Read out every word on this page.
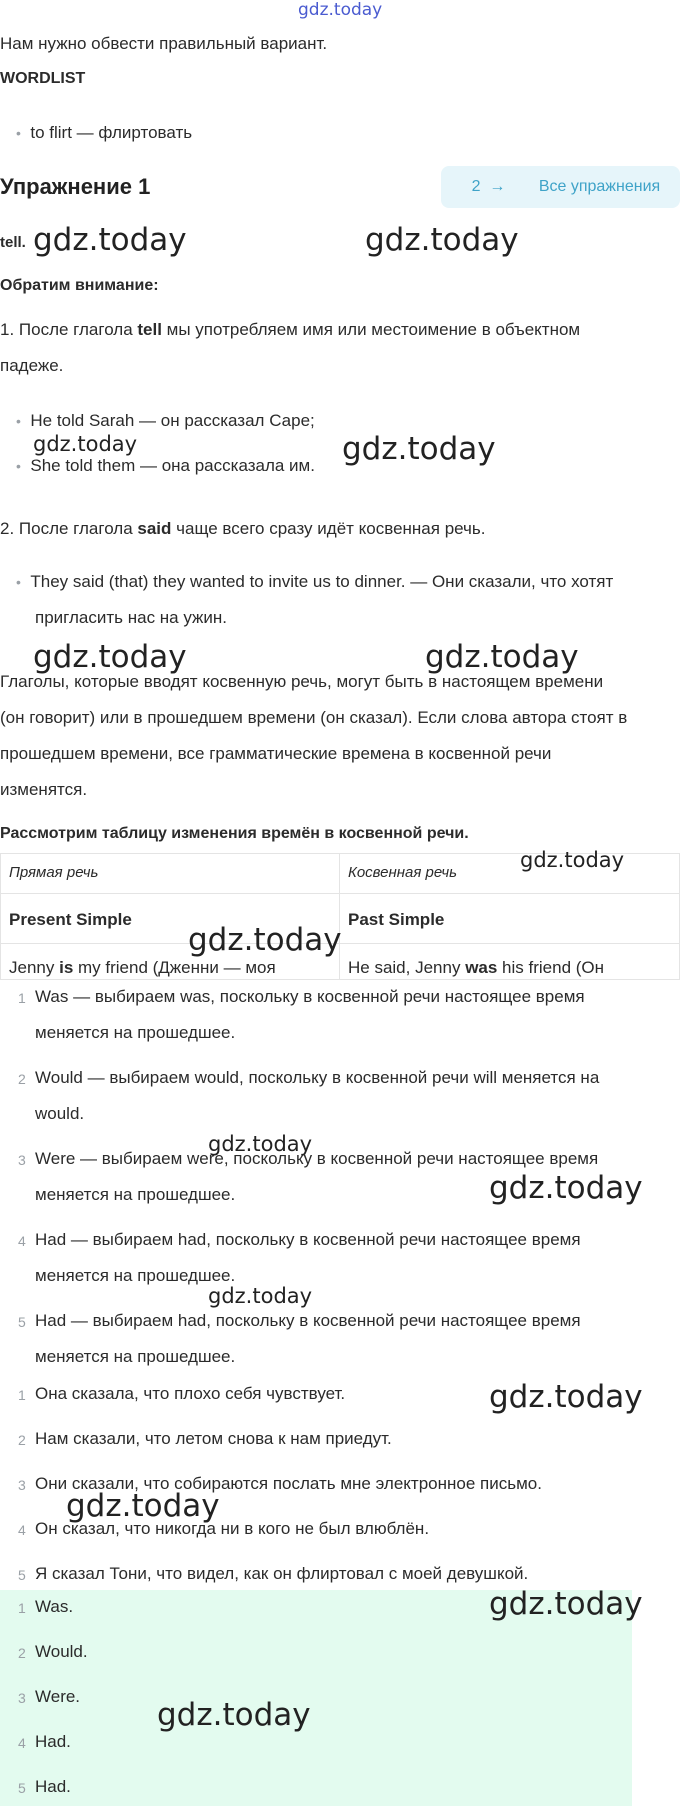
gdz.today
Нам нужно обвести правильный вариант.
WORDLIST
• to flirt — флиртовать
Упражнение 1	2
→ Все упражнения
tell.
Обратим внимание:
1. После глагола tell мы употребляем имя или местоимение в объектном
падеже.
• He told Sarah — он рассказал Саре;
• She told them — она рассказала им.
2. После глагола said чаще всего сразу идёт косвенная речь.
• They said (that) they wanted to invite us to dinner. — Они сказали, что хотят
пригласить нас на ужин.
Глаголы, которые вводят косвенную речь, могут быть в настоящем времени
(он говорит) или в прошедшем времени (он сказал). Если слова автора стоят в
прошедшем времени, все грамматические времена в косвенной речи
изменятся.
Рассмотрим таблицу изменения времён в косвенной речи.
Прямая речь	Косвенная речь
Present Simple	Past Simple
Jenny is my friend (Дженни — моя	He said, Jenny was his friend (Он
1 Was — выбираем was, поскольку в косвенной речи настоящее время
меняется на прошедшее.
2 Would — выбираем would, поскольку в косвенной речи will меняется на
would.
3 Were — выбираем were, поскольку в косвенной речи настоящее время
меняется на прошедшее.
4 Had — выбираем had, поскольку в косвенной речи настоящее время
меняется на прошедшее.
5 Had — выбираем had, поскольку в косвенной речи настоящее время
меняется на прошедшее.
1 Она сказала, что плохо себя чувствует.
2 Нам сказали, что летом снова к нам приедут.
3 Они сказали, что собираются послать мне электронное письмо.
4 Он сказал, что никогда ни в кого не был влюблён.
5 Я сказал Тони, что видел, как он флиртовал с моей девушкой.
1 Was.
2 Would.
3 Were.
4 Had.
5 Had.
gdz.today	gdz.today
gdz.today	gdz.today
gdz.today	gdz.today
gdz.today
gdz.today
gdz.today
gdz.today
gdz.today
gdz.today
gdz.today
gdz.today
gdz.today
